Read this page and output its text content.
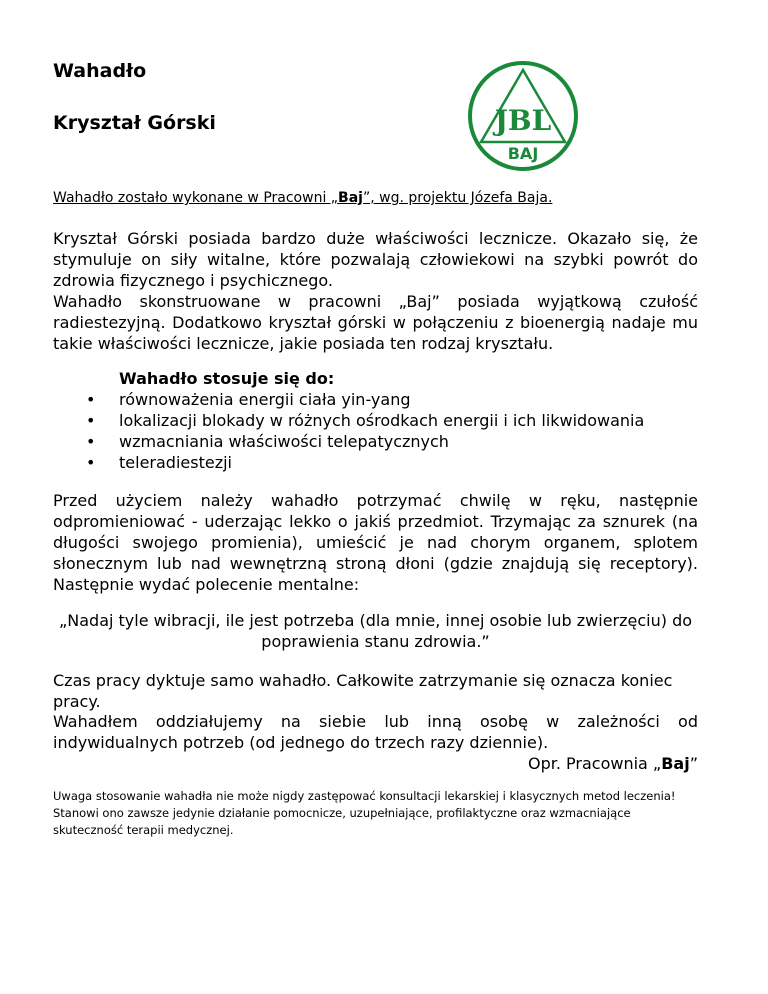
Wahadło
Kryształ Górski	JBL
BAJ
Wahadło zostało wykonane w Pracowni „Baj”, wg. projektu Józefa Baja.
Kryształ Górski posiada bardzo duże właściwości lecznicze. Okazało się, że stymuluje on siły witalne, które pozwalają człowiekowi na szybki powrót do zdrowia fizycznego i psychicznego.
Wahadło skonstruowane w pracowni „Baj” posiada wyjątkową czułość radiestezyjną. Dodatkowo kryształ górski w połączeniu z bioenergią nadaje mu takie właściwości lecznicze, jakie posiada ten rodzaj kryształu.
Wahadło stosuje się do:
• równoważenia energii ciała yin-yang
• lokalizacji blokady w różnych ośrodkach energii i ich likwidowania
• wzmacniania właściwości telepatycznych
• teleradiestezji
Przed użyciem należy wahadło potrzymać chwilę w ręku, następnie odpromieniować - uderzając lekko o jakiś przedmiot. Trzymając za sznurek (na długości swojego promienia), umieścić je nad chorym organem, splotem słonecznym lub nad wewnętrzną stroną dłoni (gdzie znajdują się receptory). Następnie wydać polecenie mentalne:
„Nadaj tyle wibracji, ile jest potrzeba (dla mnie, innej osobie lub zwierzęciu) do
poprawienia stanu zdrowia.”
Czas pracy dyktuje samo wahadło. Całkowite zatrzymanie się oznacza koniec pracy.
Wahadłem oddziałujemy na siebie lub inną osobę w zależności od indywidualnych potrzeb (od jednego do trzech razy dziennie).
Opr. Pracownia „Baj”
Uwaga stosowanie wahadła nie może nigdy zastępować konsultacji lekarskiej i klasycznych metod leczenia! Stanowi ono zawsze jedynie działanie pomocnicze, uzupełniające, profilaktyczne oraz wzmacniające skuteczność terapii medycznej.
